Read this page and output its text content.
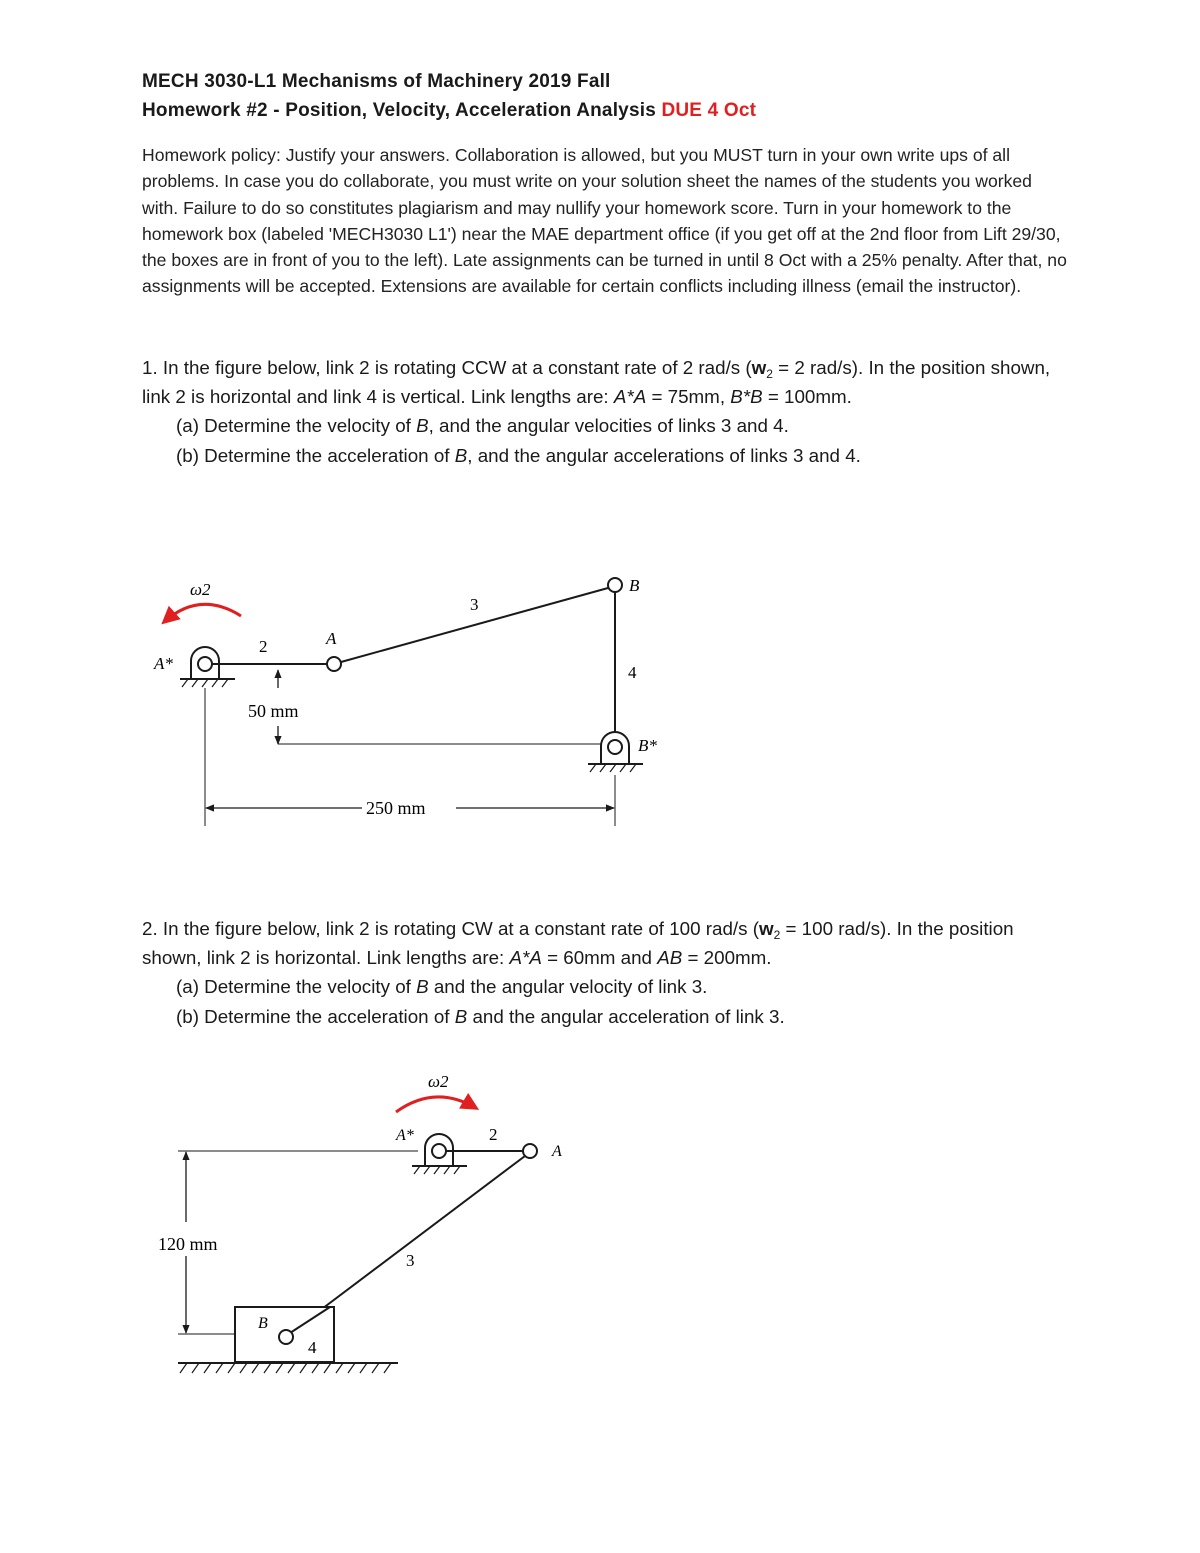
MECH 3030-L1 Mechanisms of Machinery 2019 Fall
Homework #2 - Position, Velocity, Acceleration Analysis DUE 4 Oct
Homework policy: Justify your answers. Collaboration is allowed, but you MUST turn in your own write ups of all problems. In case you do collaborate, you must write on your solution sheet the names of the students you worked with. Failure to do so constitutes plagiarism and may nullify your homework score. Turn in your homework to the homework box (labeled 'MECH3030 L1') near the MAE department office (if you get off at the 2nd floor from Lift 29/30, the boxes are in front of you to the left). Late assignments can be turned in until 8 Oct with a 25% penalty. After that, no assignments will be accepted. Extensions are available for certain conflicts including illness (email the instructor).
1. In the figure below, link 2 is rotating CCW at a constant rate of 2 rad/s ($w_2 = 2$ rad/s). In the position shown, link 2 is horizontal and link 4 is vertical. Link lengths are: A*A = 75mm, B*B = 100mm.
(a) Determine the velocity of B, and the angular velocities of links 3 and 4.
(b) Determine the acceleration of B, and the angular accelerations of links 3 and 4.
ω2
A*
2	A
3
B
4
B*
50 mm
250 mm
2. In the figure below, link 2 is rotating CW at a constant rate of 100 rad/s ($w_2 = 100$ rad/s). In the position shown, link 2 is horizontal. Link lengths are: A*A = 60mm and AB = 200mm.
(a) Determine the velocity of B and the angular velocity of link 3.
(b) Determine the acceleration of B and the angular acceleration of link 3.
ω2
A*	2
A
3
B
4
120 mm
